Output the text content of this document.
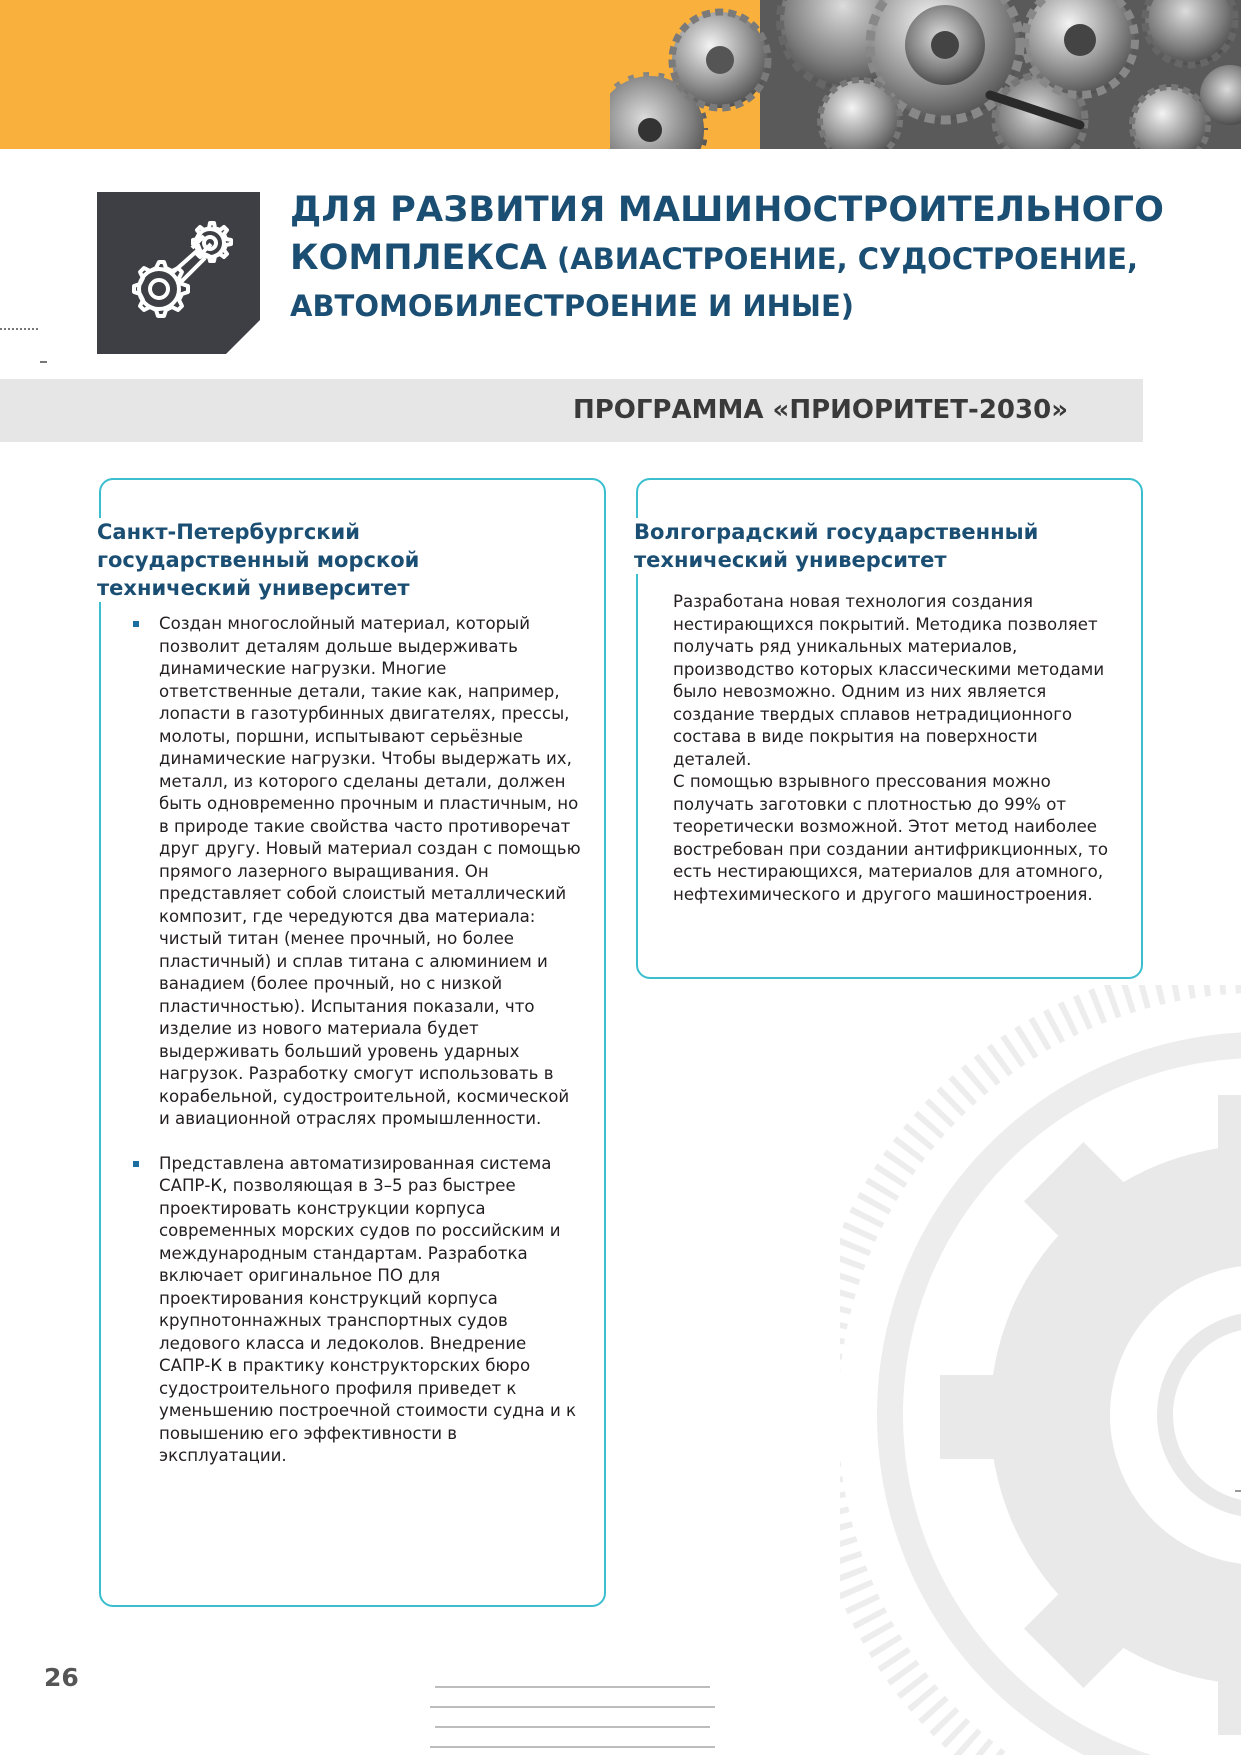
ДЛЯ РАЗВИТИЯ МАШИНОСТРОИТЕЛЬНОГО
КОМПЛЕКСА (АВИАСТРОЕНИЕ, СУДОСТРОЕНИЕ,
АВТОМОБИЛЕСТРОЕНИЕ И ИНЫЕ)
ПРОГРАММА «ПРИОРИТЕТ-2030»
Санкт-Петербургский государственный морской технический университет
Волгоградский государственный технический университет
Создан многослойный материал, который позволит деталям дольше выдерживать динамические нагрузки. Многие ответственные детали, такие как, например, лопасти в газотурбинных двигателях, прессы, молоты, поршни, испытывают серьёзные динамические нагрузки. Чтобы выдержать их, металл, из которого сделаны детали, должен быть одновременно прочным и пластичным, но в природе такие свойства часто противоречат друг другу. Новый материал создан с помощью прямого лазерного выращивания. Он представляет собой слоистый металлический композит, где чередуются два материала: чистый титан (менее прочный, но более пластичный) и сплав титана с алюминием и ванадием (более прочный, но с низкой пластичностью). Испытания показали, что изделие из нового материала будет выдерживать больший уровень ударных нагрузок. Разработку смогут использовать в корабельной, судостроительной, космической и авиационной отраслях промышленности.
Представлена автоматизированная система САПР-К, позволяющая в 3–5 раз быстрее проектировать конструкции корпуса современных морских судов по российским и международным стандартам. Разработка включает оригинальное ПО для проектирования конструкций корпуса крупнотоннажных транспортных судов ледового класса и ледоколов. Внедрение САПР-К в практику конструкторских бюро судостроительного профиля приведет к уменьшению построечной стоимости судна и к повышению его эффективности в эксплуатации.

Разработана новая технология создания нестирающихся покрытий. Методика позволяет получать ряд уникальных материалов, производство которых классическими методами было невозможно. Одним из них является создание твердых сплавов нетрадиционного состава в виде покрытия на поверхности деталей.

С помощью взрывного прессования можно получать заготовки с плотностью до 99% от теоретически возможной. Этот метод наиболее востребован при создании антифрикционных, то есть нестирающихся, материалов для атомного, нефтехимического и другого машиностроения.

26
